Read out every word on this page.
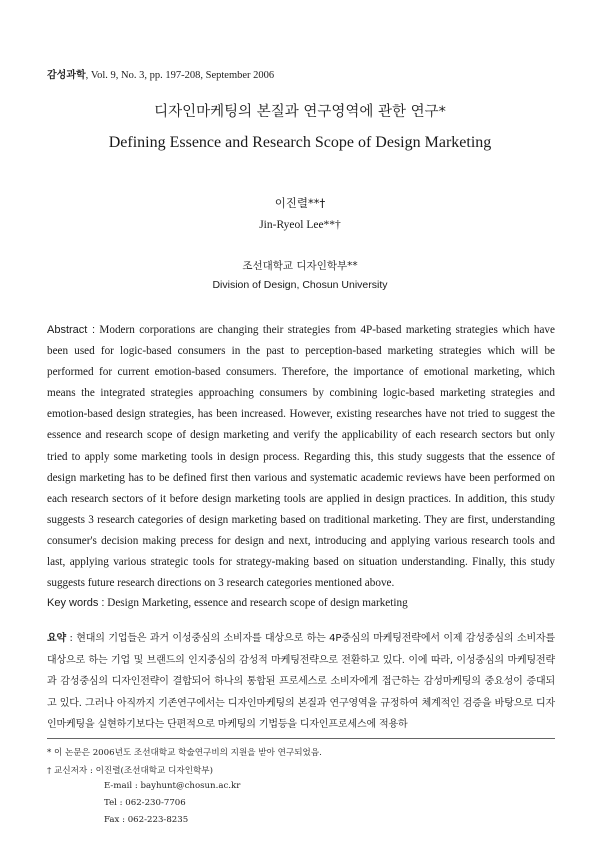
감성과학, Vol. 9, No. 3, pp. 197-208, September 2006
디자인마케팅의 본질과 연구영역에 관한 연구*
Defining Essence and Research Scope of Design Marketing
이진렬**†
Jin-Ryeol Lee**†
조선대학교 디자인학부**
Division of Design, Chosun University
Abstract : Modern corporations are changing their strategies from 4P-based marketing strategies which have been used for logic-based consumers in the past to perception-based marketing strategies which will be performed for current emotion-based consumers. Therefore, the importance of emotional marketing, which means the integrated strategies approaching consumers by combining logic-based marketing strategies and emotion-based design strategies, has been increased. However, existing researches have not tried to suggest the essence and research scope of design marketing and verify the applicability of each research sectors but only tried to apply some marketing tools in design process. Regarding this, this study suggests that the essence of design marketing has to be defined first then various and systematic academic reviews have been performed on each research sectors of it before design marketing tools are applied in design practices. In addition, this study suggests 3 research categories of design marketing based on traditional marketing. They are first, understanding consumer's decision making precess for design and next, introducing and applying various research tools and last, applying various strategic tools for strategy-making based on situation understanding. Finally, this study suggests future research directions on 3 research categories mentioned above.
Key words : Design Marketing, essence and research scope of design marketing
요약 : 현대의 기업들은 과거 이성중심의 소비자를 대상으로 하는 4P중심의 마케팅전략에서 이제 감성중심의 소비자를 대상으로 하는 기업 및 브랜드의 인지중심의 감성적 마케팅전략으로 전환하고 있다. 이에 따라, 이성중심의 마케팅전략과 감성중심의 디자인전략이 결합되어 하나의 통합된 프로세스로 소비자에게 접근하는 감성마케팅의 중요성이 증대되고 있다. 그러나 아직까지 기존연구에서는 디자인마케팅의 본질과 연구영역을 규정하여 체계적인 검증을 바탕으로 디자인마케팅을 실현하기보다는 단편적으로 마케팅의 기법등을 디자인프로세스에 적용하
* 이 논문은 2006년도 조선대학교 학술연구비의 지원을 받아 연구되었음.
† 교신저자 : 이진렬(조선대학교 디자인학부)
E-mail : bayhunt@chosun.ac.kr
Tel : 062-230-7706
Fax : 062-223-8235
